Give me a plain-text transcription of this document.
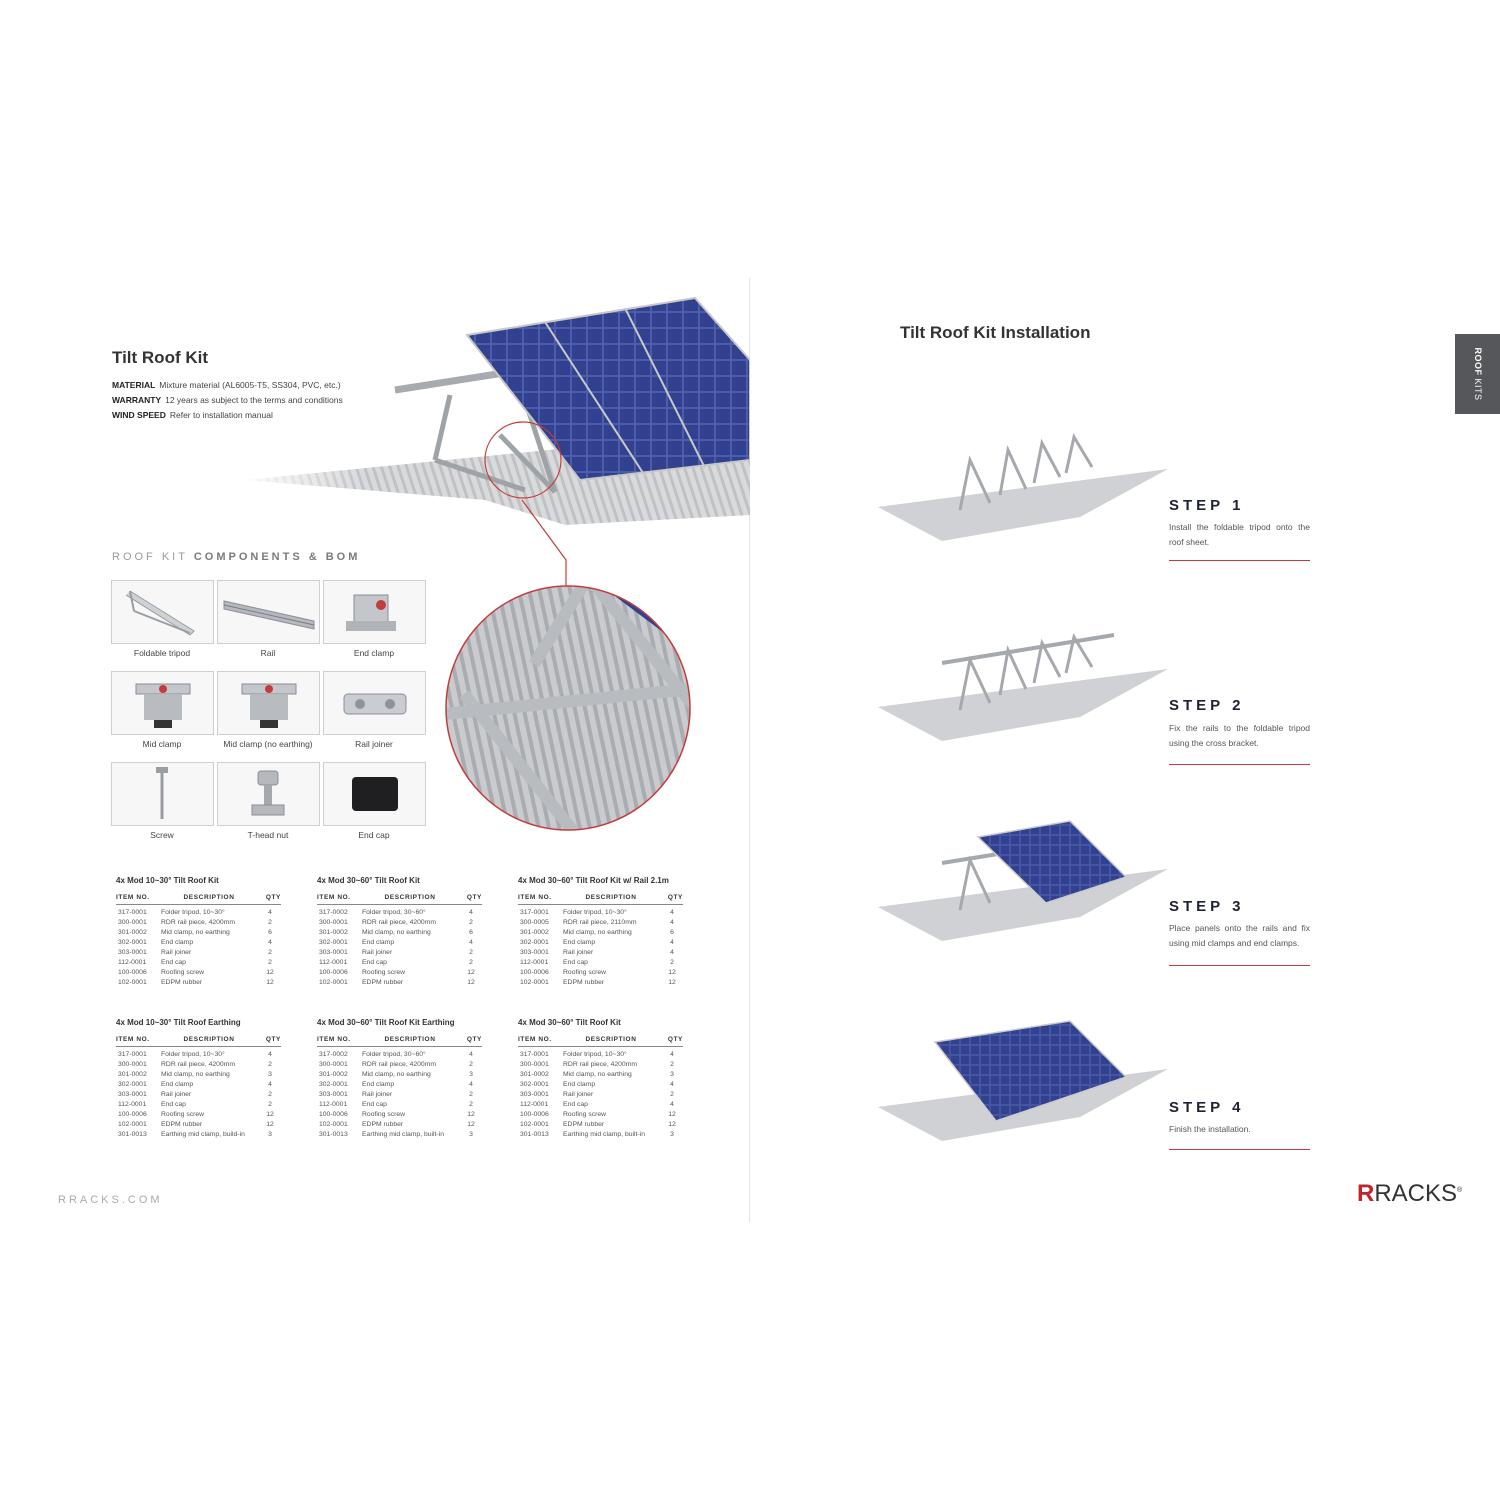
Tilt Roof Kit
MATERIAL Mixture material (AL6005-T5, SS304, PVC, etc.)
WARRANTY 12 years as subject to the terms and conditions
WIND SPEED Refer to installation manual
ROOF KIT COMPONENTS & BOM
Foldable tripod	Rail	End clamp
Mid clamp	Mid clamp (no earthing)	Rail joiner
Screw	T-head nut	End cap
4x Mod 10~30° Tilt Roof Kit
ITEM NO.	DESCRIPTION	QTY
317-0001	Folder tripod, 10~30°	4
300-0001	RDR rail piece, 4200mm	2
301-0002	Mid clamp, no earthing	6
302-0001	End clamp	4
303-0001	Rail joiner	2
112-0001	End cap	2
100-0006	Roofing screw	12
102-0001	EDPM rubber	12
4x Mod 30~60° Tilt Roof Kit
ITEM NO.	DESCRIPTION	QTY
317-0002	Folder tripod, 30~60°	4
300-0001	RDR rail piece, 4200mm	2
301-0002	Mid clamp, no earthing	6
302-0001	End clamp	4
303-0001	Rail joiner	2
112-0001	End cap	2
100-0006	Roofing screw	12
102-0001	EDPM rubber	12
4x Mod 30~60° Tilt Roof Kit w/ Rail 2.1m
ITEM NO.	DESCRIPTION	QTY
317-0001	Folder tripod, 10~30°	4
300-0005	RDR rail piece, 2110mm	4
301-0002	Mid clamp, no earthing	6
302-0001	End clamp	4
303-0001	Rail joiner	4
112-0001	End cap	2
100-0006	Roofing screw	12
102-0001	EDPM rubber	12
4x Mod 10~30° Tilt Roof Earthing
ITEM NO.	DESCRIPTION	QTY
317-0001	Folder tripod, 10~30°	4
300-0001	RDR rail piece, 4200mm	2
301-0002	Mid clamp, no earthing	3
302-0001	End clamp	4
303-0001	Rail joiner	2
112-0001	End cap	2
100-0006	Roofing screw	12
102-0001	EDPM rubber	12
301-0013	Earthing mid clamp, build-in	3
4x Mod 30~60° Tilt Roof Kit Earthing
ITEM NO.	DESCRIPTION	QTY
317-0002	Folder tripod, 30~60°	4
300-0001	RDR rail piece, 4200mm	2
301-0002	Mid clamp, no earthing	3
302-0001	End clamp	4
303-0001	Rail joiner	2
112-0001	End cap	2
100-0006	Roofing screw	12
102-0001	EDPM rubber	12
301-0013	Earthing mid clamp, built-in	3
4x Mod 30~60° Tilt Roof Kit
ITEM NO.	DESCRIPTION	QTY
317-0001	Folder tripod, 10~30°	4
300-0001	RDR rail piece, 4200mm	2
301-0002	Mid clamp, no earthing	3
302-0001	End clamp	4
303-0001	Rail joiner	2
112-0001	End cap	4
100-0006	Roofing screw	12
102-0001	EDPM rubber	12
301-0013	Earthing mid clamp, built-in	3
RRACKS.COM
Tilt Roof Kit Installation
ROOF KITS
STEP 1
Install the foldable tripod onto the roof sheet.
STEP 2
Fix the rails to the foldable tripod using the cross bracket.
STEP 3
Place panels onto the rails and fix using mid clamps and end clamps.
STEP 4
Finish the installation.
RRACKS®
